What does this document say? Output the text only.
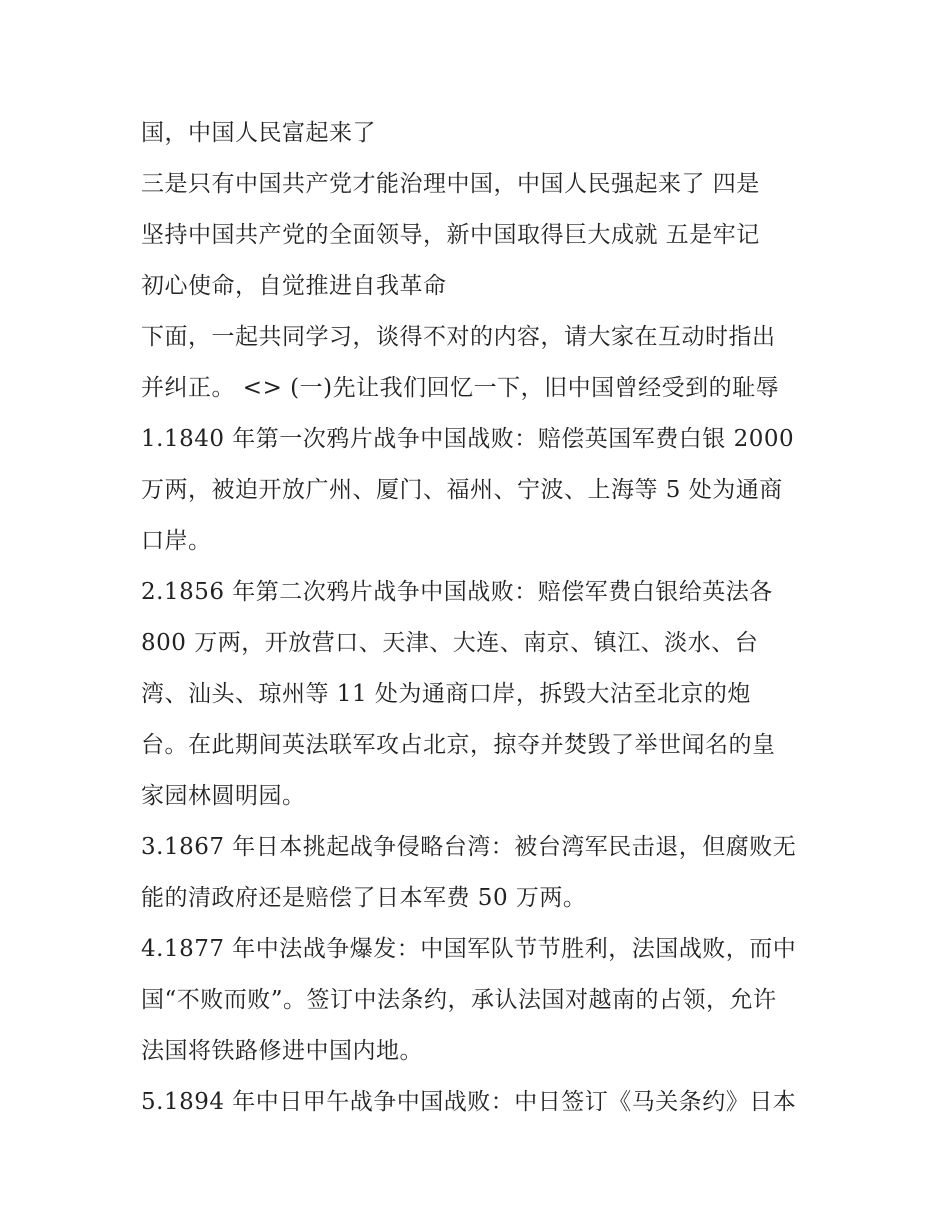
国，中国人民富起来了
三是只有中国共产党才能治理中国，中国人民强起来了 四是
坚持中国共产党的全面领导，新中国取得巨大成就 五是牢记
初心使命，自觉推进自我革命
下面，一起共同学习，谈得不对的内容，请大家在互动时指出
并纠正。 <> (一)先让我们回忆一下，旧中国曾经受到的耻辱
1.1840 年第一次鸦片战争中国战败：赔偿英国军费白银 2000
万两，被迫开放广州、厦门、福州、宁波、上海等 5 处为通商
口岸。
2.1856 年第二次鸦片战争中国战败：赔偿军费白银给英法各
800 万两，开放营口、天津、大连、南京、镇江、淡水、台
湾、汕头、琼州等 11 处为通商口岸，拆毁大沽至北京的炮
台。在此期间英法联军攻占北京，掠夺并焚毁了举世闻名的皇
家园林圆明园。
3.1867 年日本挑起战争侵略台湾：被台湾军民击退，但腐败无
能的清政府还是赔偿了日本军费 50 万两。
4.1877 年中法战争爆发：中国军队节节胜利，法国战败，而中
国“不败而败”。签订中法条约，承认法国对越南的占领，允许
法国将铁路修进中国内地。
5.1894 年中日甲午战争中国战败：中日签订《马关条约》日本
